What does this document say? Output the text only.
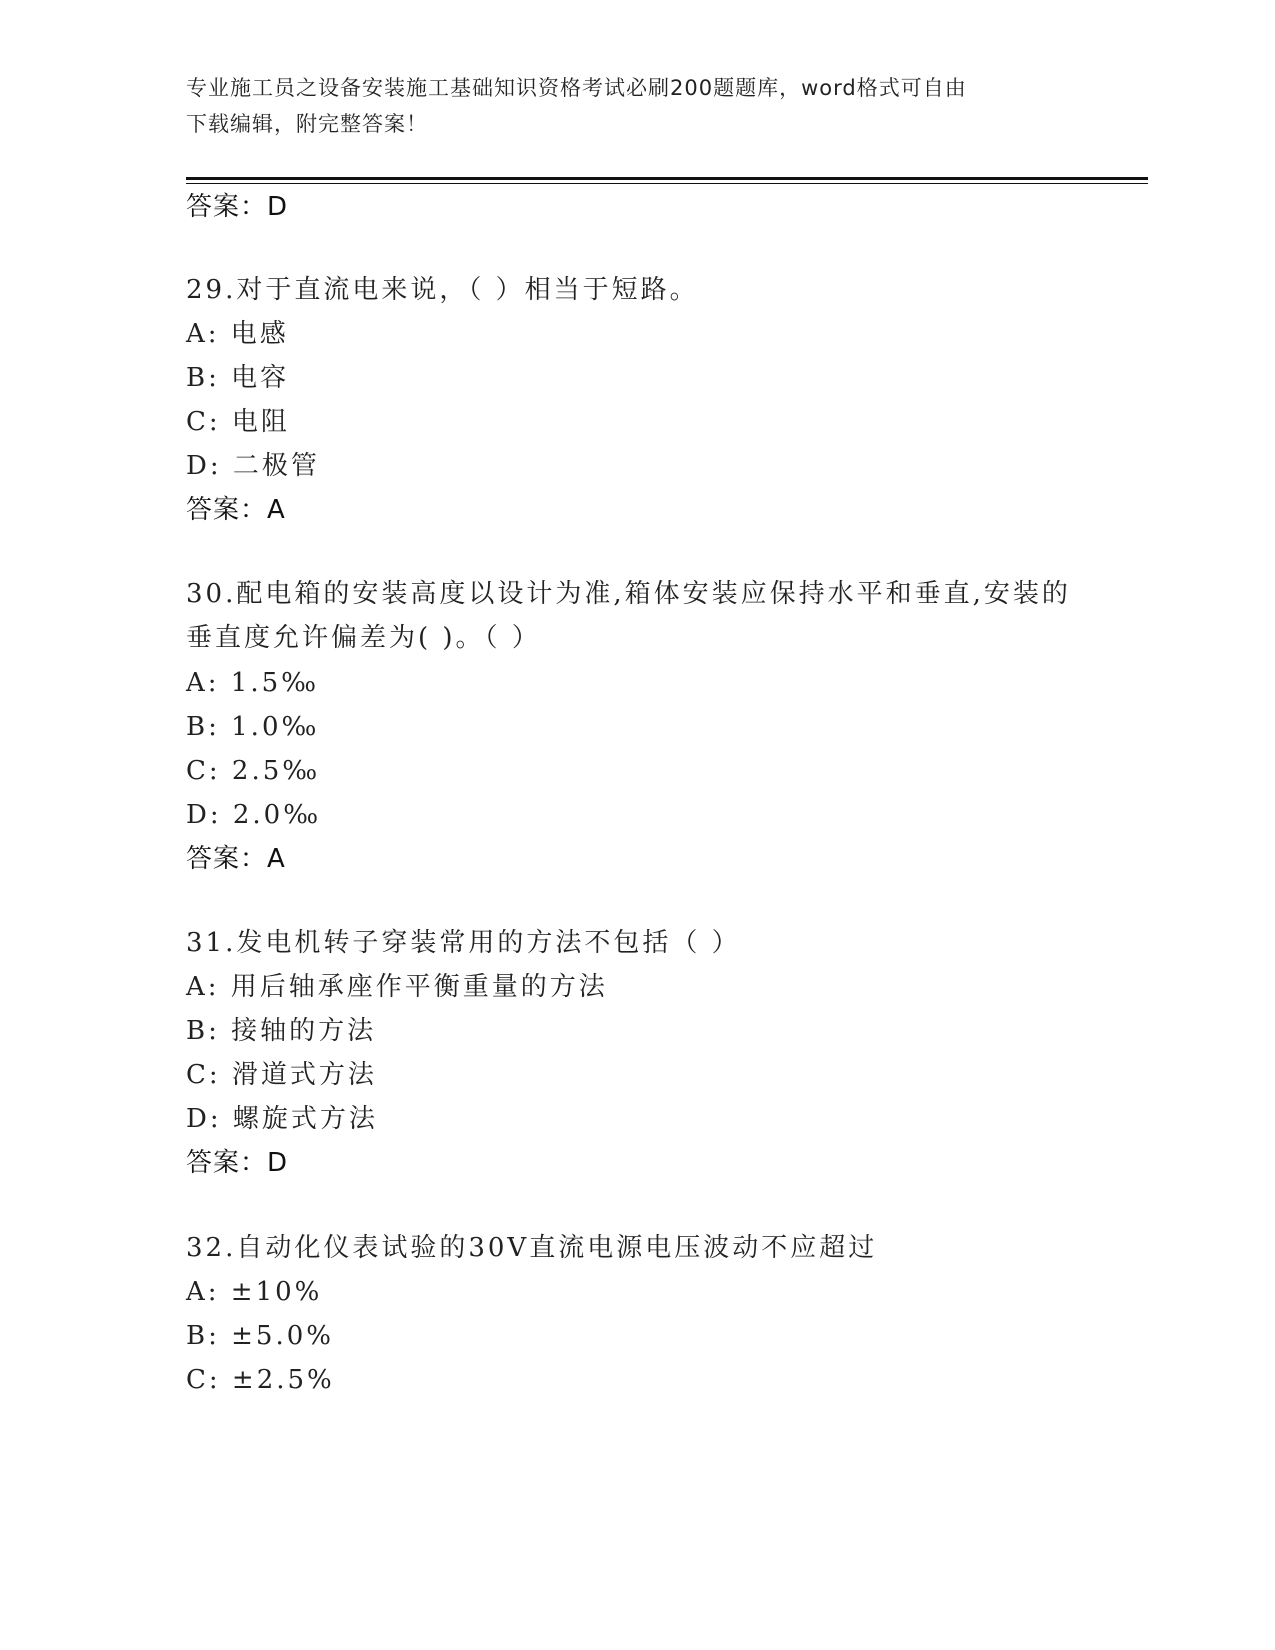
专业施工员之设备安装施工基础知识资格考试必刷200题题库，word格式可自由
下载编辑，附完整答案！
答案：D
29.对于直流电来说，（ ）相当于短路。
A: 电感
B: 电容
C: 电阻
D: 二极管
答案：A
30.配电箱的安装高度以设计为准,箱体安装应保持水平和垂直,安装的
垂直度允许偏差为( )。（ ）
A: 1.5‰
B: 1.0‰
C: 2.5‰
D: 2.0‰
答案：A
31.发电机转子穿装常用的方法不包括（ ）
A: 用后轴承座作平衡重量的方法
B: 接轴的方法
C: 滑道式方法
D: 螺旋式方法
答案：D
32.自动化仪表试验的30V直流电源电压波动不应超过
A: ±10%
B: ±5.0%
C: ±2.5%
